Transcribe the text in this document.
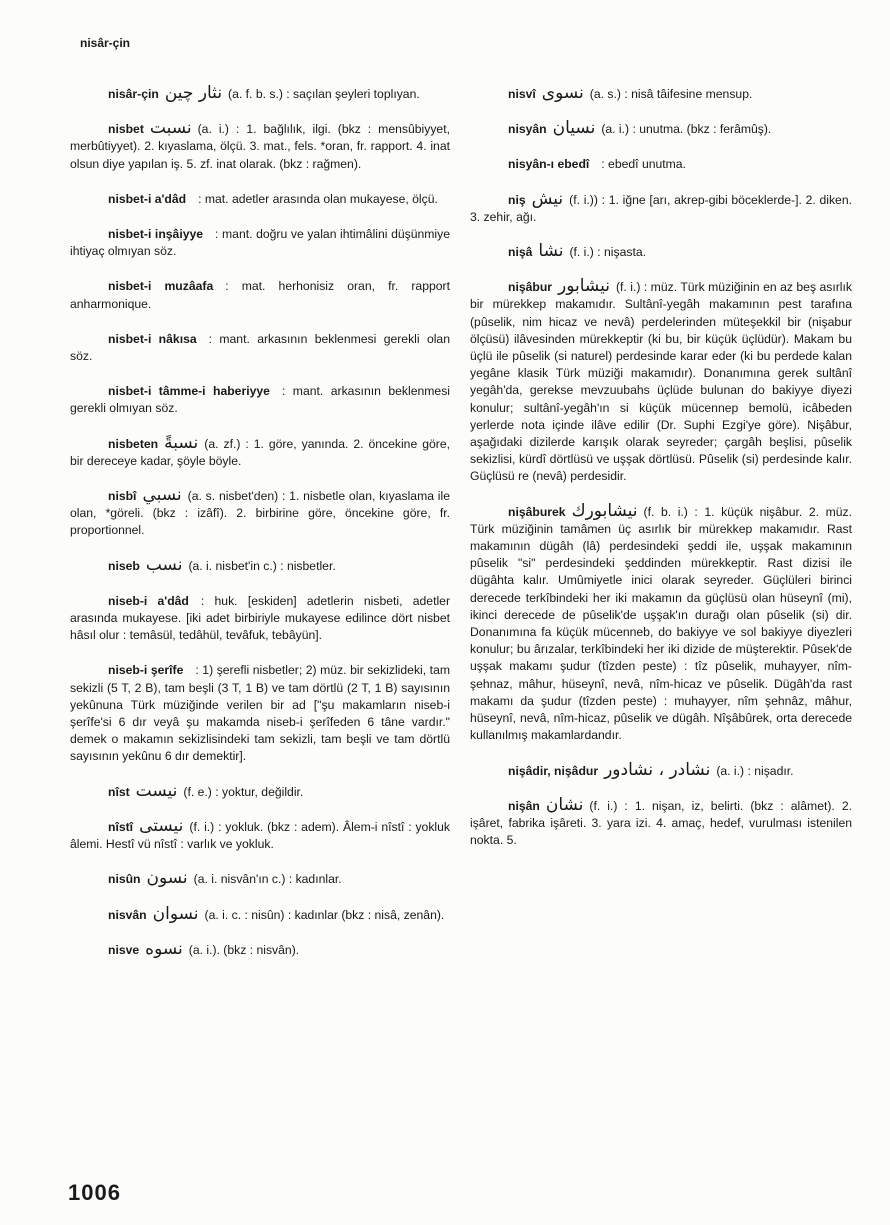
nisâr-çin

nisâr-çin نثار چين (a. f. b. s.) : saçılan şeyleri toplıyan.

nisbet نسبت (a. i.) : 1. bağlılık, ilgi. (bkz : mensûbiyyet, merbûtiyyet). 2. kıyaslama, ölçü. 3. mat., fels. *oran, fr. rapport. 4. inat olsun diye yapılan iş. 5. zf. inat olarak. (bkz : rağmen).

nisbet-i a'dâd : mat. adetler arasında olan mukayese, ölçü.

nisbet-i inşâiyye : mant. doğru ve yalan ihtimâlini düşünmiye ihtiyaç olmıyan söz.

nisbet-i muzâafa : mat. herhonisiz oran, fr. rapport anharmonique.

nisbet-i nâkısa : mant. arkasının beklenmesi gerekli olan söz.

nisbet-i tâmme-i haberiyye : mant. arkasının beklenmesi gerekli olmıyan söz.

nisbeten نسبةً (a. zf.) : 1. göre, yanında. 2. öncekine göre, bir dereceye kadar, şöyle böyle.

nisbî نسبي (a. s. nisbet'den) : 1. nisbetle olan, kıyaslama ile olan, *göreli. (bkz : izâfî). 2. birbirine göre, öncekine göre, fr. proportionnel.

niseb نسب (a. i. nisbet'in c.) : nisbetler.

niseb-i a'dâd : huk. [eskiden] adetlerin nisbeti, adetler arasında mukayese. [iki adet birbiriyle mukayese edilince dört nisbet hâsıl olur : temâsül, tedâhül, tevâfuk, tebâyün].

niseb-i şerîfe : 1) şerefli nisbetler; 2) müz. bir sekizlideki, tam sekizli (5 T, 2 B), tam beşli (3 T, 1 B) ve tam dörtlü (2 T, 1 B) sayısının yekûnuna Türk müziğinde verilen bir ad ["şu makamların niseb-i şerîfe'si 6 dır veyâ şu makamda niseb-i şerîfeden 6 tâne vardır." demek o makamın sekizlisindeki tam sekizli, tam beşli ve tam dörtlü sayısının yekûnu 6 dır demektir].

nîst نيست (f. e.) : yoktur, değildir.

nîstî نيستى (f. i.) : yokluk. (bkz : adem). Âlem-i nîstî : yokluk âlemi. Hestî vü nîstî : varlık ve yokluk.

nisûn نسون (a. i. nisvân'ın c.) : kadınlar.

nisvân نسوان (a. i. c. : nisûn) : kadınlar (bkz : nisâ, zenân).

nisve نسوه (a. i.). (bkz : nisvân).

nisvî نسوى (a. s.) : nisâ tâifesine mensup.

nisyân نسيان (a. i.) : unutma. (bkz : ferâmûş).

nisyân-ı ebedî : ebedî unutma.

niş نيش (f. i.)) : 1. iğne [arı, akrep-gibi böceklerde-]. 2. diken. 3. zehir, ağı.

nişâ نشا (f. i.) : nişasta.

nişâbur نيشابور (f. i.) : müz. Türk müziğinin en az beş asırlık bir mürekkep makamıdır. Sultânî-yegâh makamının pest tarafına (pûselik, nim hicaz ve nevâ) perdelerinden müteşekkil bir (nişabur ölçüsü) ilâvesinden mürekkeptir (ki bu, bir küçük üçlüdür). Makam bu üçlü ile pûselik (si naturel) perdesinde karar eder (ki bu perdede kalan yegâne klasik Türk müziği makamıdır). Donanımına gerek sultânî yegâh'da, gerekse mevzuubahs üçlüde bulunan do bakiyye diyezi konulur; sultânî-yegâh'ın si küçük mücennep bemolü, icâbeden yerlerde nota içinde ilâve edilir (Dr. Suphi Ezgi'ye göre). Nişâbur, aşağıdaki dizilerde karışık olarak seyreder; çargâh beşlisi, pûselik sekizlisi, kürdî dörtlüsü ve uşşak dörtlüsü. Pûselik (si) perdesinde kalır. Güçlüsü re (nevâ) perdesidir.

nişâburek نيشابورك (f. b. i.) : 1. küçük nişâbur. 2. müz. Türk müziğinin tamâmen üç asırlık bir mürekkep makamıdır. Rast makamının dügâh (lâ) perdesindeki şeddi ile, uşşak makamının pûselik "si" perdesindeki şeddinden mürekkeptir. Rast dizisi ile dügâhta kalır. Umûmiyetle inici olarak seyreder. Güçlüleri birinci derecede terkîbindeki her iki makamın da güçlüsü olan hüseynî (mi), ikinci derecede de pûselik'de uşşak'ın durağı olan pûselik (si) dir. Donanımına fa küçük mücenneb, do bakiyye ve sol bakiyye diyezleri konulur; bu ârızalar, terkîbindeki her iki dizide de müşterektir. Pûsek'de uşşak makamı şudur (tîzden peste) : tîz pûselik, muhayyer, nîm-şehnaz, mâhur, hüseynî, nevâ, nîm-hicaz ve pûselik. Dügâh'da rast makamı da şudur (tîzden peste) : muhayyer, nîm şehnâz, mâhur, hüseynî, nevâ, nîm-hicaz, pûselik ve dügâh. Nîşâbûrek, orta derecede kullanılmış makamlardandır.

nişâdir, nişâdur نشادر ، نشادور (a. i.) : nişadır.

nişân نشان (f. i.) : 1. nişan, iz, belirti. (bkz : alâmet). 2. işâret, fabrika işâreti. 3. yara izi. 4. amaç, hedef, vurulması istenilen nokta. 5.

1006
